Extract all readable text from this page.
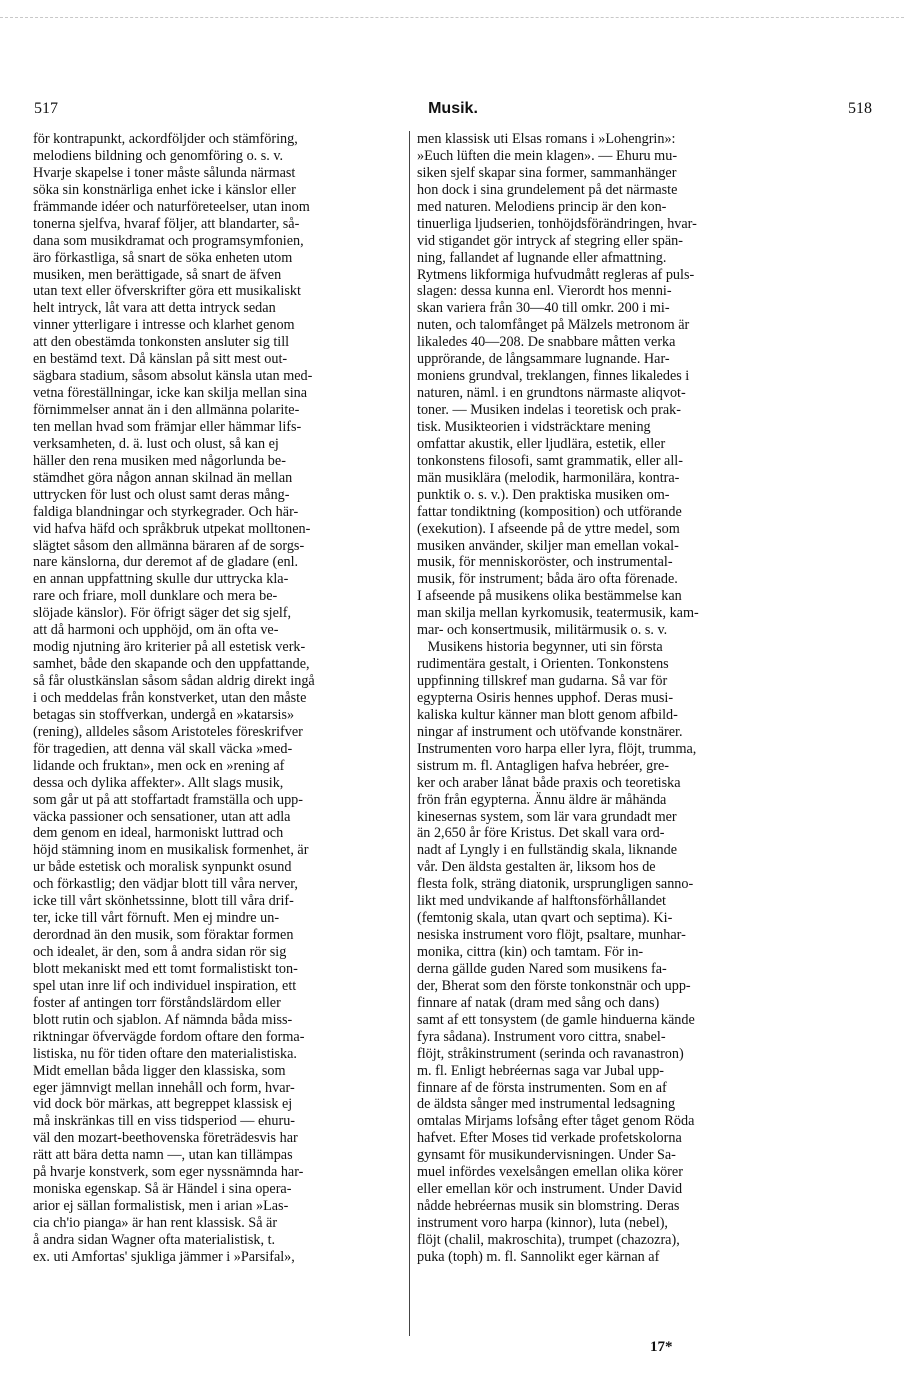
517	Musik.	518
för kontrapunkt, ackordföljder och stämföring,
melodiens bildning och genomföring o. s. v.
Hvarje skapelse i toner måste sålunda närmast
söka sin konstnärliga enhet icke i känslor eller
främmande idéer och naturföreteelser, utan inom
tonerna sjelfva, hvaraf följer, att blandarter, så-
dana som musikdramat och programsymfonien,
äro förkastliga, så snart de söka enheten utom
musiken, men berättigade, så snart de äfven
utan text eller öfverskrifter göra ett musikaliskt
helt intryck, låt vara att detta intryck sedan
vinner ytterligare i intresse och klarhet genom
att den obestämda tonkonsten ansluter sig till
en bestämd text. Då känslan på sitt mest out-
sägbara stadium, såsom absolut känsla utan med-
vetna föreställningar, icke kan skilja mellan sina
förnimmelser annat än i den allmänna polarite-
ten mellan hvad som främjar eller hämmar lifs-
verksamheten, d. ä. lust och olust, så kan ej
häller den rena musiken med någorlunda be-
stämdhet göra någon annan skilnad än mellan
uttrycken för lust och olust samt deras mång-
faldiga blandningar och styrkegrader. Och här-
vid hafva häfd och språkbruk utpekat molltonen-
slägtet såsom den allmänna bäraren af de sorgs-
nare känslorna, dur deremot af de gladare (enl.
en annan uppfattning skulle dur uttrycka kla-
rare och friare, moll dunklare och mera be-
slöjade känslor). För öfrigt säger det sig sjelf,
att då harmoni och upphöjd, om än ofta ve-
modig njutning äro kriterier på all estetisk verk-
samhet, både den skapande och den uppfattande,
så får olustkänslan såsom sådan aldrig direkt ingå
i och meddelas från konstverket, utan den måste
betagas sin stoffverkan, undergå en »katarsis»
(rening), alldeles såsom Aristoteles föreskrifver
för tragedien, att denna väl skall väcka »med-
lidande och fruktan», men ock en »rening af
dessa och dylika affekter». Allt slags musik,
som går ut på att stoffartadt framställa och upp-
väcka passioner och sensationer, utan att adla
dem genom en ideal, harmoniskt luttrad och
höjd stämning inom en musikalisk formenhet, är
ur både estetisk och moralisk synpunkt osund
och förkastlig; den vädjar blott till våra nerver,
icke till vårt skönhetssinne, blott till våra drif-
ter, icke till vårt förnuft. Men ej mindre un-
derordnad än den musik, som föraktar formen
och idealet, är den, som å andra sidan rör sig
blott mekaniskt med ett tomt formalistiskt ton-
spel utan inre lif och individuel inspiration, ett
foster af antingen torr förståndslärdom eller
blott rutin och sjablon. Af nämnda båda miss-
riktningar öfvervägde fordom oftare den forma-
listiska, nu för tiden oftare den materialistiska.
Midt emellan båda ligger den klassiska, som
eger jämnvigt mellan innehåll och form, hvar-
vid dock bör märkas, att begreppet klassisk ej
må inskränkas till en viss tidsperiod — ehuru-
väl den mozart-beethovenska företrädesvis har
rätt att bära detta namn —, utan kan tillämpas
på hvarje konstverk, som eger nyssnämnda har-
moniska egenskap. Så är Händel i sina opera-
arior ej sällan formalistisk, men i arian »Las-
cia ch'io pianga» är han rent klassisk. Så är
å andra sidan Wagner ofta materialistisk, t.
ex. uti Amfortas' sjukliga jämmer i »Parsifal»,
men klassisk uti Elsas romans i »Lohengrin»:
»Euch lüften die mein klagen». — Ehuru mu-
siken sjelf skapar sina former, sammanhänger
hon dock i sina grundelement på det närmaste
med naturen. Melodiens princip är den kon-
tinuerliga ljudserien, tonhöjdsförändringen, hvar-
vid stigandet gör intryck af stegring eller spän-
ning, fallandet af lugnande eller afmattning.
Rytmens likformiga hufvudmått regleras af puls-
slagen: dessa kunna enl. Vierordt hos menni-
skan variera från 30—40 till omkr. 200 i mi-
nuten, och talomfånget på Mälzels metronom är
likaledes 40—208. De snabbare måtten verka
upprörande, de långsammare lugnande. Har-
moniens grundval, treklangen, finnes likaledes i
naturen, näml. i en grundtons närmaste aliqvot-
toner. — Musiken indelas i teoretisk och prak-
tisk. Musikteorien i vidsträcktare mening
omfattar akustik, eller ljudlära, estetik, eller
tonkonstens filosofi, samt grammatik, eller all-
män musiklära (melodik, harmonilära, kontra-
punktik o. s. v.). Den praktiska musiken om-
fattar tondiktning (komposition) och utförande
(exekution). I afseende på de yttre medel, som
musiken använder, skiljer man emellan vokal-
musik, för menniskoröster, och instrumental-
musik, för instrument; båda äro ofta förenade.
I afseende på musikens olika bestämmelse kan
man skilja mellan kyrkomusik, teatermusik, kam-
mar- och konsertmusik, militärmusik o. s. v.
Musikens historia begynner, uti sin första
rudimentära gestalt, i Orienten. Tonkonstens
uppfinning tillskref man gudarna. Så var för
egypterna Osiris hennes upphof. Deras musi-
kaliska kultur känner man blott genom afbild-
ningar af instrument och utöfvande konstnärer.
Instrumenten voro harpa eller lyra, flöjt, trumma,
sistrum m. fl. Antagligen hafva hebréer, gre-
ker och araber lånat både praxis och teoretiska
frön från egypterna. Ännu äldre är måhända
kinesernas system, som lär vara grundadt mer
än 2,650 år före Kristus. Det skall vara ord-
nadt af Lyngly i en fullständig skala, liknande
vår. Den äldsta gestalten är, liksom hos de
flesta folk, sträng diatonik, ursprungligen sanno-
likt med undvikande af halftonsförhållandet
(femtonig skala, utan qvart och septima). Ki-
nesiska instrument voro flöjt, psaltare, munhar-
monika, cittra (kin) och tamtam. För in-
derna gällde guden Nared som musikens fa-
der, Bherat som den förste tonkonstnär och upp-
finnare af natak (dram med sång och dans)
samt af ett tonsystem (de gamle hinduerna kände
fyra sådana). Instrument voro cittra, snabel-
flöjt, stråkinstrument (serinda och ravanastron)
m. fl. Enligt hebréernas saga var Jubal upp-
finnare af de första instrumenten. Som en af
de äldsta sånger med instrumental ledsagning
omtalas Mirjams lofsång efter tåget genom Röda
hafvet. Efter Moses tid verkade profetskolorna
gynsamt för musikundervisningen. Under Sa-
muel infördes vexelsången emellan olika körer
eller emellan kör och instrument. Under David
nådde hebréernas musik sin blomstring. Deras
instrument voro harpa (kinnor), luta (nebel),
flöjt (chalil, makroschita), trumpet (chazozra),
puka (toph) m. fl. Sannolikt eger kärnan af
17*
